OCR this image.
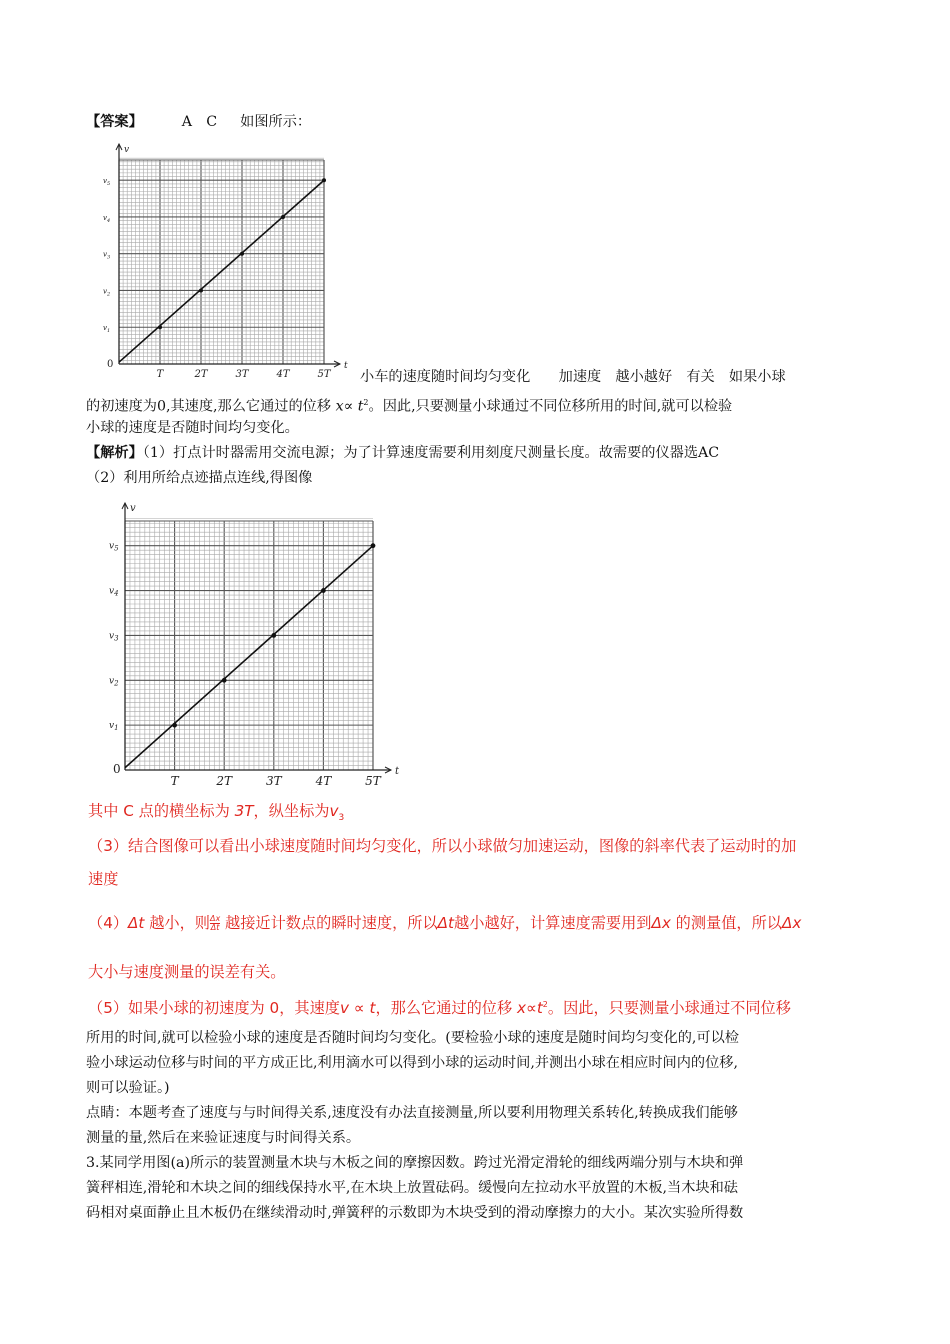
【答案】	A　C 如图所示：
v
t
0
T	2T	3T	4T	5T
$v_1$
$v_2$
$v_3$
$v_4$
$v_5$
小车的速度随时间均匀变化　　加速度　越小越好　有关　如果小球
的初速度为0,其速度,那么它通过的位移 $x\propto t^2$。因此,只要测量小球通过不同位移所用的时间,就可以检验
小球的速度是否随时间均匀变化。
【解析】（1）打点计时器需用交流电源；为了计算速度需要利用刻度尺测量长度。故需要的仪器选AC
（2）利用所给点迹描点连线,得图像
v
t
0
T	2T	3T	4T	5T
$v_1$
$v_2$
$v_3$
$v_4$
$v_5$
其中 C 点的横坐标为 3T，纵坐标为$v_3$
（3）结合图像可以看出小球速度随时间均匀变化，所以小球做匀加速运动，图像的斜率代表了运动时的加
速度
（4）Δt 越小，则 $\frac{\Delta x}{\Delta t}$ 越接近计数点的瞬时速度，所以Δt越小越好，计算速度需要用到Δx 的测量值，所以Δx
大小与速度测量的误差有关。
（5）如果小球的初速度为 0，其速度v ∝ t，那么它通过的位移 $x\propto t^2$。因此，只要测量小球通过不同位移
所用的时间,就可以检验小球的速度是否随时间均匀变化。(要检验小球的速度是随时间均匀变化的,可以检
验小球运动位移与时间的平方成正比,利用滴水可以得到小球的运动时间,并测出小球在相应时间内的位移,
则可以验证。)
点睛：本题考查了速度与与时间得关系,速度没有办法直接测量,所以要利用物理关系转化,转换成我们能够
测量的量,然后在来验证速度与时间得关系。
3.某同学用图(a)所示的装置测量木块与木板之间的摩擦因数。跨过光滑定滑轮的细线两端分别与木块和弹
簧秤相连,滑轮和木块之间的细线保持水平,在木块上放置砝码。缓慢向左拉动水平放置的木板,当木块和砝
码相对桌面静止且木板仍在继续滑动时,弹簧秤的示数即为木块受到的滑动摩擦力的大小。某次实验所得数
